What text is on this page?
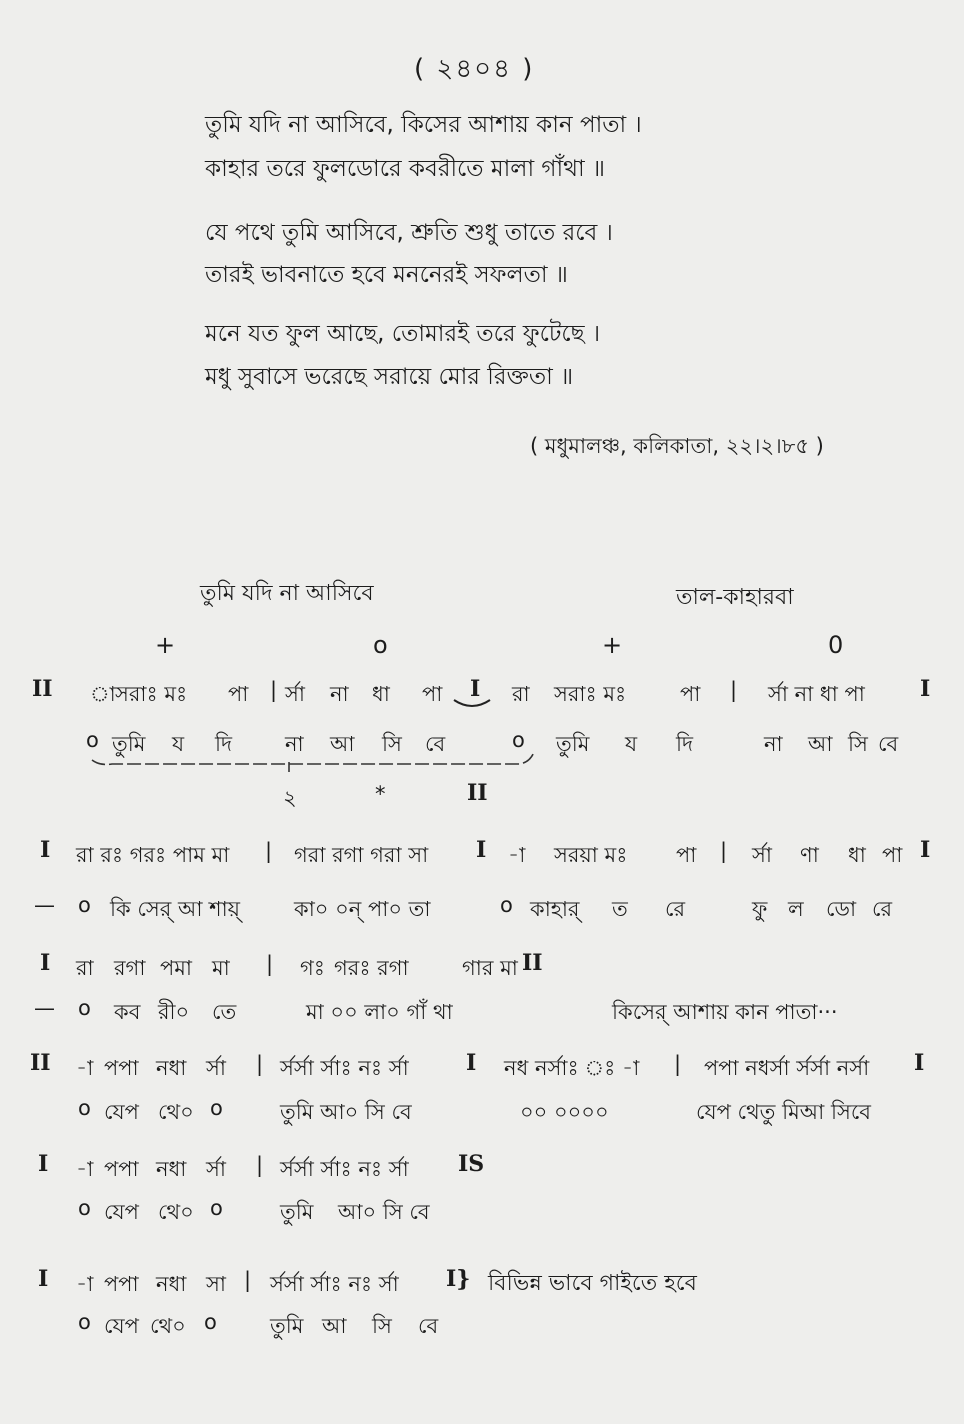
( ২৪০৪ )
তুমি যদি না আসিবে, কিসের আশায় কান পাতা ।
কাহার তরে ফুলডোরে কবরীতে মালা গাঁথা ॥
যে পথে তুমি আসিবে, শ্রুতি শুধু তাতে রবে ।
তারই ভাবনাতে হবে মননেরই সফলতা ॥
মনে যত ফুল আছে, তোমারই তরে ফুটেছে ।
মধু সুবাসে ভরেছে সরায়ে মোর রিক্ততা ॥
( মধুমালঞ্চ, কলিকাতা, ২২।২।৮৫ )
তুমি যদি না আসিবে	তাল-কাহারবা
+	o	+	0
II া সরাঃ মঃ পা | র্সা না ধা পা I রা সরাঃ মঃ	পা | র্সা না ধা পা	I
o তুমি য দি	না আ সি বে	o তুমি য দি	না আ সি বে
২	*	II
I রা রঃ গরঃ পাম মা | গরা রগা গরা সা I -া সরয়া মঃ পা | র্সা ণা ধা পা I
— o কি সের্ আ শায়্	কা০ ০ন্ পা০ তা	o কাহার্ ত রে	ফু ল ডো রে
I রা রগা পমা মা | গঃ গরঃ রগা	গার মা II
— o কব রী০ তে	মা ০০ লা০ গাঁ থা	কিসের্ আশায় কান পাতা···
II -া পপা নধা র্সা | র্সর্সা র্সাঃ নঃ র্সা	I নধ নর্সাঃ ঃ -া | পপা নধর্সা র্সর্সা নর্সা I
o যেপ থে০ o	তুমি আ০ সি বে	০০ ০০০০	যেপ থেতু মিআ সিবে
I -া পপা নধা র্সা | র্সর্সা র্সাঃ নঃ র্সা IS
o যেপ থে০ o	তুমি আ০ সি বে
I -া পপা নধা সা | র্সর্সা র্সাঃ নঃ র্সা I} বিভিন্ন ভাবে গাইতে হবে
o যেপ থে০ o	তুমি আ সি বে
